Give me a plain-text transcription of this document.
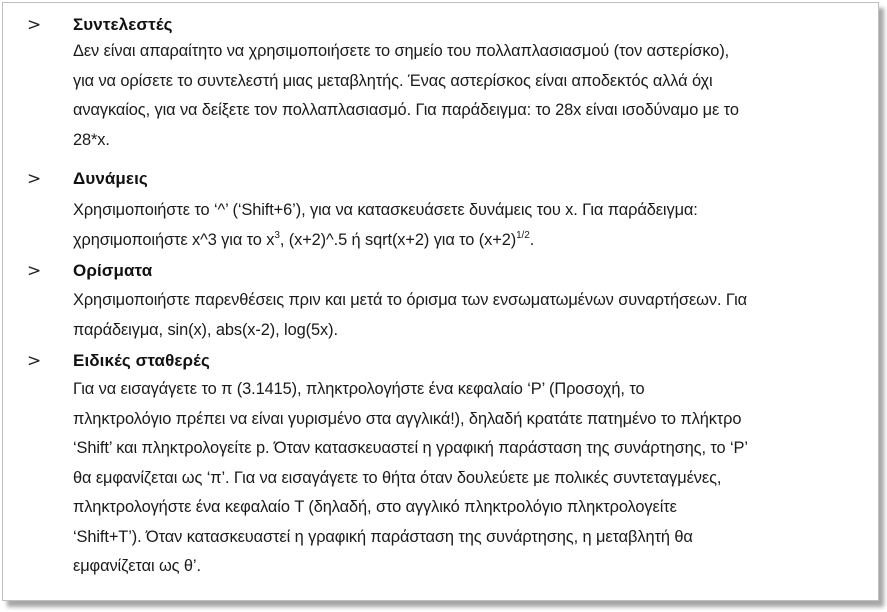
> Συντελεστές
Δεν είναι απαραίτητο να χρησιμοποιήσετε το σημείο του πολλαπλασιασμού (τον αστερίσκο),
για να ορίσετε το συντελεστή μιας μεταβλητής. Ένας αστερίσκος είναι αποδεκτός αλλά όχι
αναγκαίος, για να δείξετε τον πολλαπλασιασμό. Για παράδειγμα: το 28x είναι ισοδύναμο με το
28*x.
> Δυνάμεις
Χρησιμοποιήστε το ‘^’ (‘Shift+6’), για να κατασκευάσετε δυνάμεις του x. Για παράδειγμα:
χρησιμοποιήστε x^3 για το $x^3$, (x+2)^.5 ή sqrt(x+2) για το $(x+2)^{1/2}$.
> Ορίσματα
Χρησιμοποιήστε παρενθέσεις πριν και μετά το όρισμα των ενσωματωμένων συναρτήσεων. Για
παράδειγμα, sin(x), abs(x-2), log(5x).
> Ειδικές σταθερές
Για να εισαγάγετε το π (3.1415), πληκτρολογήστε ένα κεφαλαίο ‘P’ (Προσοχή, το
πληκτρολόγιο πρέπει να είναι γυρισμένο στα αγγλικά!), δηλαδή κρατάτε πατημένο το πλήκτρο
‘Shift’ και πληκτρολογείτε p. Όταν κατασκευαστεί η γραφική παράσταση της συνάρτησης, το ‘P’
θα εμφανίζεται ως ‘π’. Για να εισαγάγετε το θήτα όταν δουλεύετε με πολικές συντεταγμένες,
πληκτρολογήστε ένα κεφαλαίο T (δηλαδή, στο αγγλικό πληκτρολόγιο πληκτρολογείτε
‘Shift+T’). Όταν κατασκευαστεί η γραφική παράσταση της συνάρτησης, η μεταβλητή θα
εμφανίζεται ως θ’.
